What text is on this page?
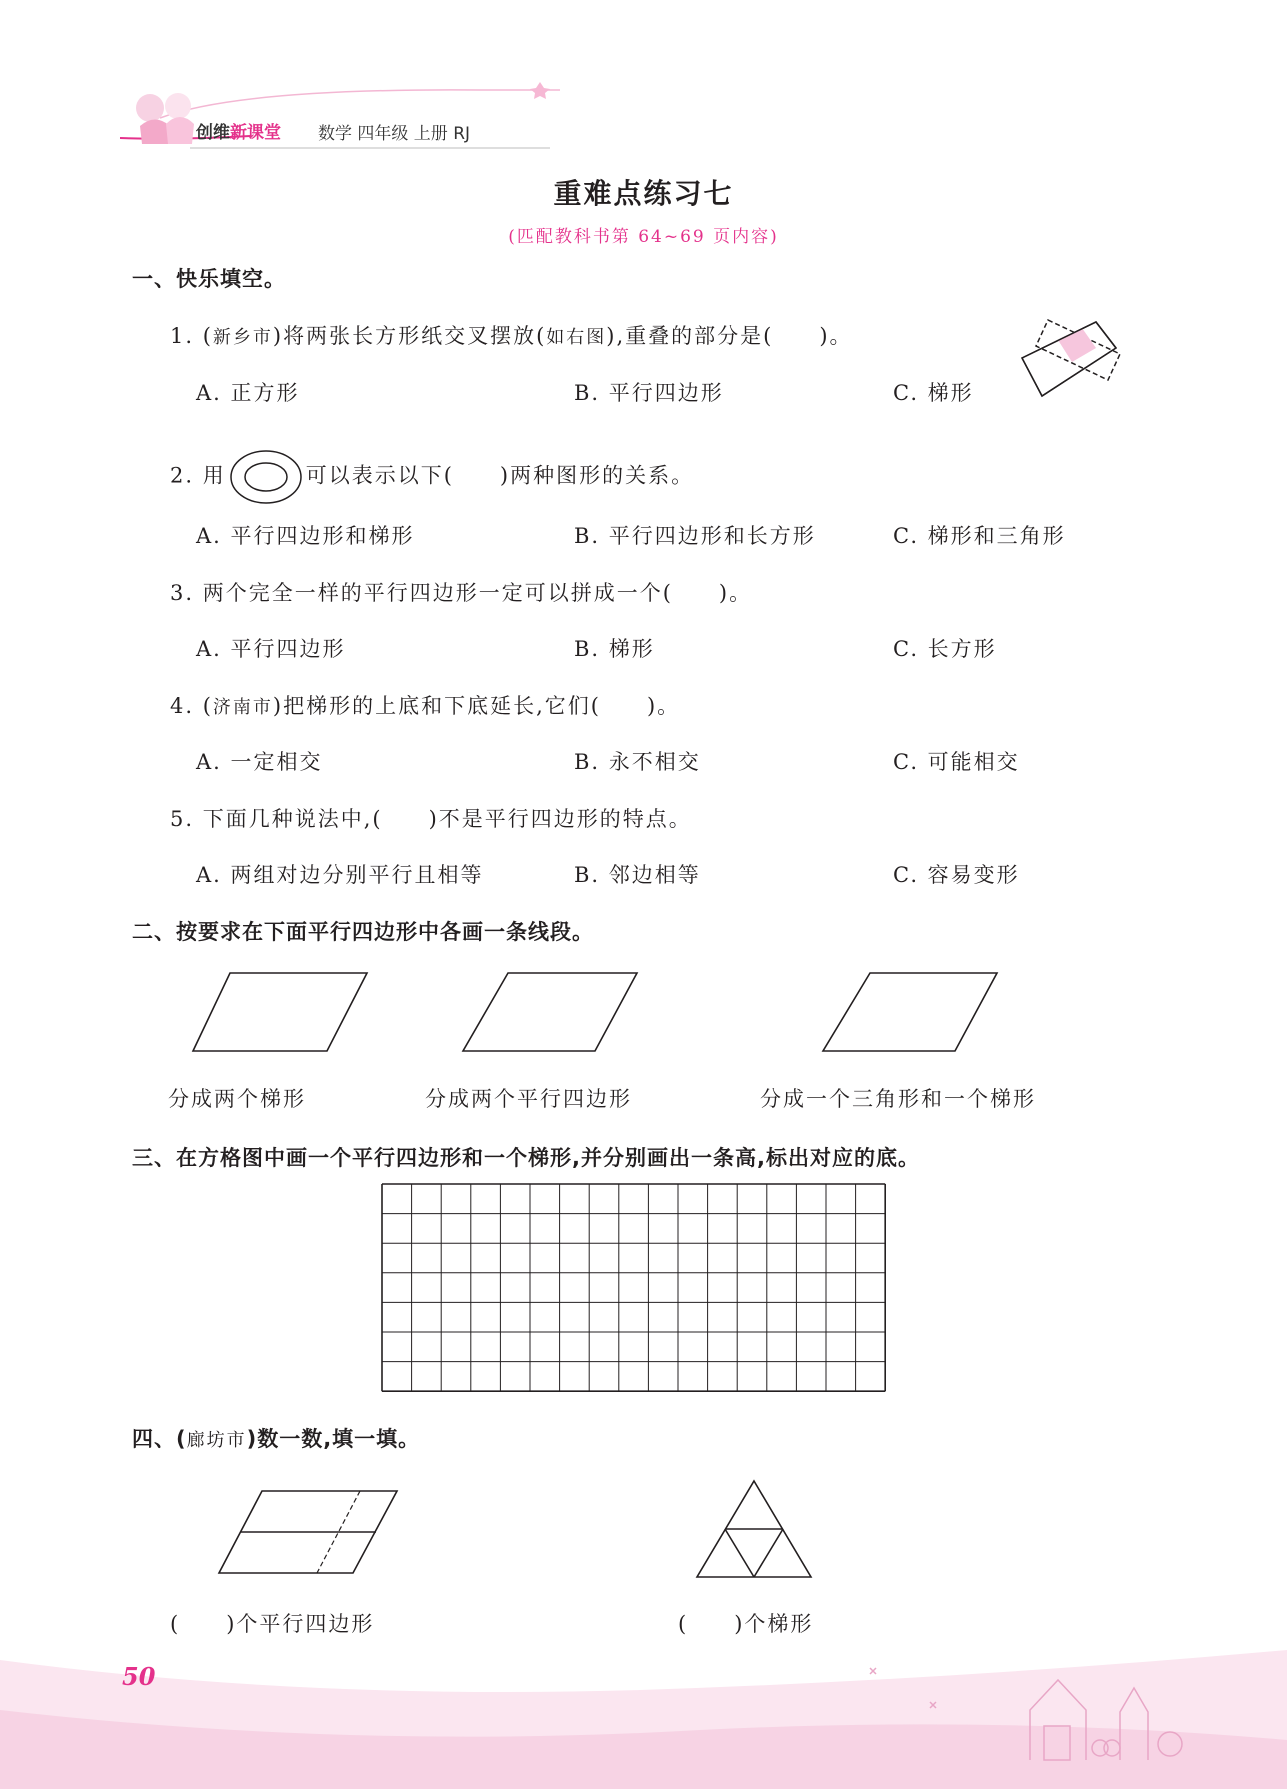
创维新课堂 数学 四年级 上册 RJ
重难点练习七
(匹配教科书第 64~69 页内容)
一、快乐填空。
1. (新乡市)将两张长方形纸交叉摆放(如右图),重叠的部分是(　　)。
A. 正方形	B. 平行四边形	C. 梯形
2. 用	可以表示以下(　　)两种图形的关系。
A. 平行四边形和梯形	B. 平行四边形和长方形	C. 梯形和三角形
3. 两个完全一样的平行四边形一定可以拼成一个(　　)。
A. 平行四边形	B. 梯形	C. 长方形
4. (济南市)把梯形的上底和下底延长,它们(　　)。
A. 一定相交	B. 永不相交	C. 可能相交
5. 下面几种说法中,(　　)不是平行四边形的特点。
A. 两组对边分别平行且相等	B. 邻边相等	C. 容易变形
二、按要求在下面平行四边形中各画一条线段。
分成两个梯形	分成两个平行四边形	分成一个三角形和一个梯形
三、在方格图中画一个平行四边形和一个梯形,并分别画出一条高,标出对应的底。
四、(廊坊市)数一数,填一填。
(　　)个平行四边形	(　　)个梯形
50
